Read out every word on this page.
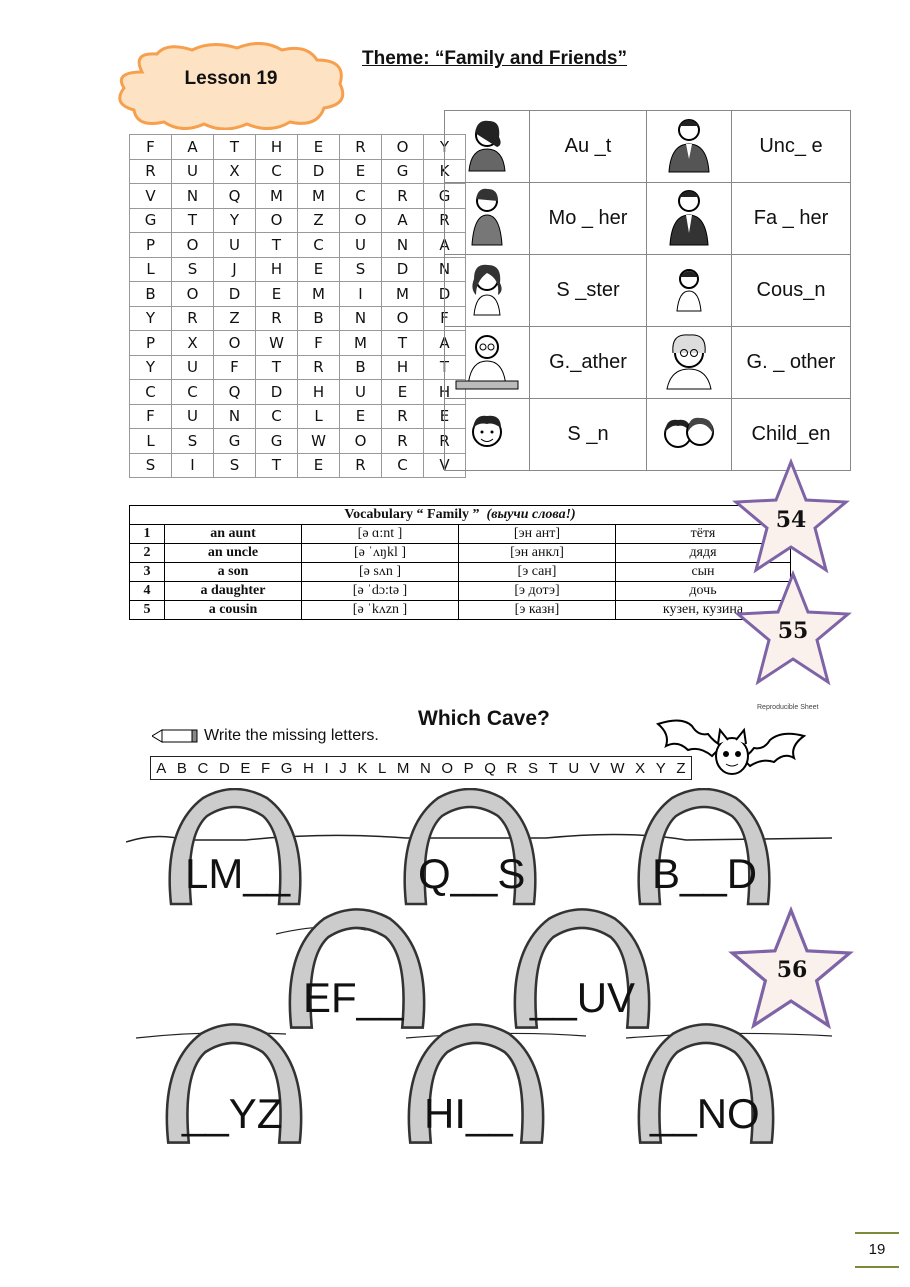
Lesson 19
Theme: “Family and Friends”
F	A	T	H	E	R	O	Y
R	U	X	C	D	E	G	K
V	N	Q	M	M	C	R	G
G	T	Y	O	Z	O	A	R
P	O	U	T	C	U	N	A
L	S	J	H	E	S	D	N
B	O	D	E	M	I	M	D
Y	R	Z	R	B	N	O	F
P	X	O	W	F	M	T	A
Y	U	F	T	R	B	H	T
C	C	Q	D	H	U	E	H
F	U	N	C	L	E	R	E
L	S	G	G	W	O	R	R
S	I	S	T	E	R	C	V
	Au _t		Unc_ e
	Mo _ her		Fa _ her
	S _ster		Cous_n
	G._ather		G. _ other
	S _n		Child_en
Vocabulary “ Family ” (выучи слова!)				
1	an aunt	[ə ɑ:nt ]	[эн ант]	тётя
2	an uncle	[ə ˈʌŋkl ]	[эн анкл]	дядя
3	a son	[ə sʌn ]	[э сан]	сын
4	a daughter	[ə ˈdɔ:tə ]	[э дотэ]	дочь
5	a cousin	[ə ˈkʌzn ]	[э казн]	кузен, кузина
54
55
56
Reproducible Sheet
Which Cave?
Write the missing letters.
A B C D E F G H I J K L M N O P Q R S T U V W X Y Z
LM__	Q__S	B__D
EF__	__UV
__YZ	HI__	__NO
19
